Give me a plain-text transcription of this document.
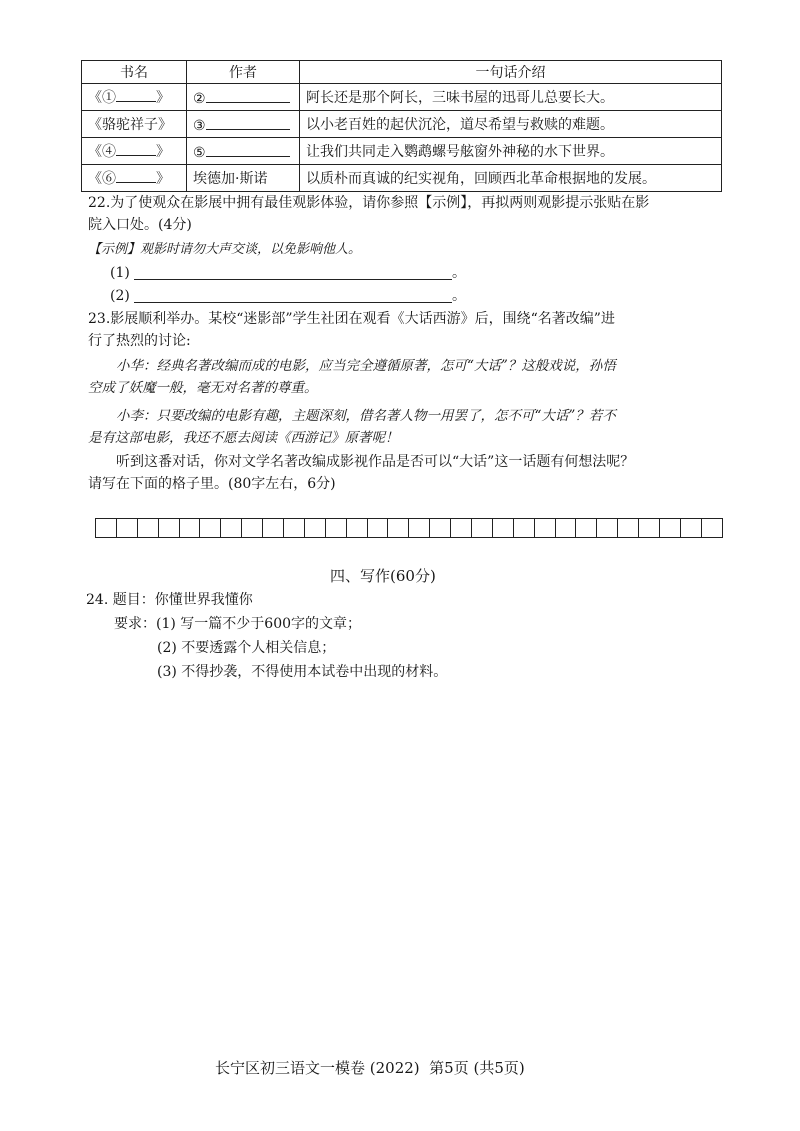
书名	作者	一句话介绍
《① 》	②	阿长还是那个阿长，三味书屋的迅哥儿总要长大。
《骆驼祥子》	③	以小老百姓的起伏沉沦，道尽希望与救赎的难题。
《④ 》	⑤	让我们共同走入鹦鹉螺号舷窗外神秘的水下世界。
《⑥ 》	埃德加·斯诺	以质朴而真诚的纪实视角，回顾西北革命根据地的发展。
22.为了使观众在影展中拥有最佳观影体验，请你参照【示例】，再拟两则观影提示张贴在影
院入口处。(4分)
【示例】观影时请勿大声交谈，以免影响他人。
(1)	。
(2)	。
23.影展顺利举办。某校“迷影部”学生社团在观看《大话西游》后，围绕“名著改编”进
行了热烈的讨论:
小华：经典名著改编而成的电影，应当完全遵循原著，怎可“大话”？这般戏说，孙悟
空成了妖魔一般，毫无对名著的尊重。
小李：只要改编的电影有趣，主题深刻，借名著人物一用罢了，怎不可“大话”？若不
是有这部电影，我还不愿去阅读《西游记》原著呢！
听到这番对话，你对文学名著改编成影视作品是否可以“大话”这一话题有何想法呢？
请写在下面的格子里。(80字左右，6分)
四、写作(60分)
24. 题目：你懂世界我懂你
要求：(1) 写一篇不少于600字的文章；
(2) 不要透露个人相关信息；
(3) 不得抄袭，不得使用本试卷中出现的材料。
长宁区初三语文一模卷 (2022)  第5页 (共5页)
